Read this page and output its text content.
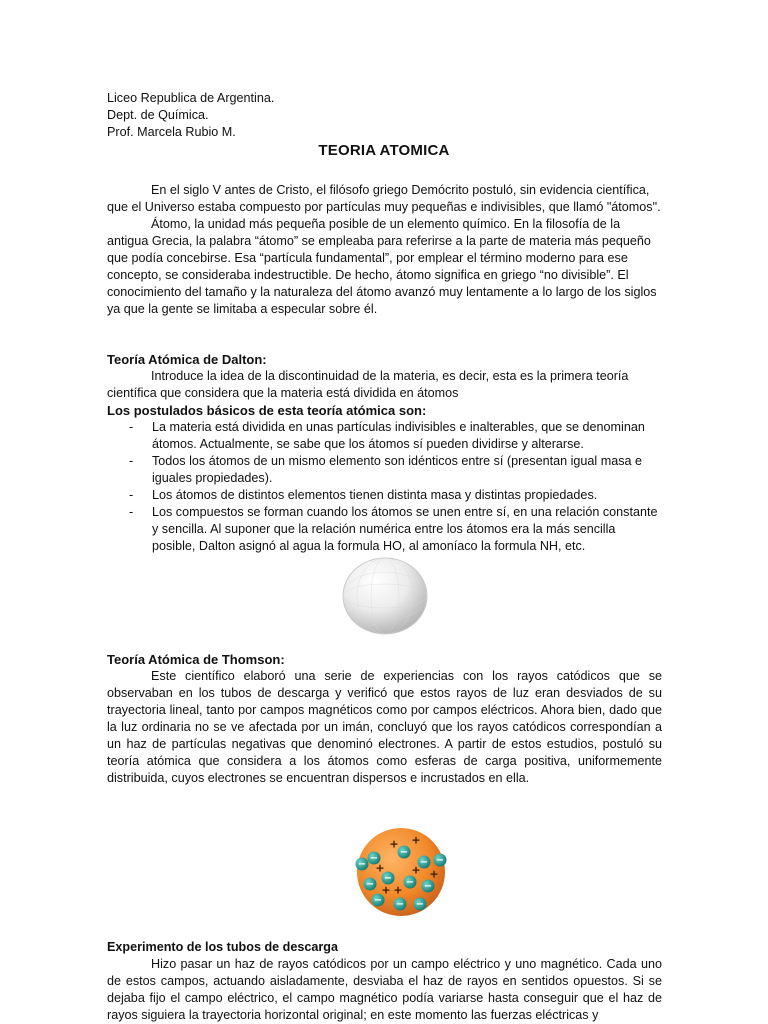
Liceo Republica de Argentina.
Dept. de Química.
Prof. Marcela Rubio M.
TEORIA ATOMICA
En el siglo V antes de Cristo, el filósofo griego Demócrito postuló, sin evidencia científica, que el Universo estaba compuesto por partículas muy pequeñas e indivisibles, que llamó "átomos".
Átomo, la unidad más pequeña posible de un elemento químico. En la filosofía de la antigua Grecia, la palabra “átomo” se empleaba para referirse a la parte de materia más pequeño que podía concebirse. Esa “partícula fundamental”, por emplear el término moderno para ese concepto, se consideraba indestructible. De hecho, átomo significa en griego “no divisible”. El conocimiento del tamaño y la naturaleza del átomo avanzó muy lentamente a lo largo de los siglos ya que la gente se limitaba a especular sobre él.
Teoría Atómica de Dalton:
Introduce la idea de la discontinuidad de la materia, es decir, esta es la primera teoría científica que considera que la materia está dividida en átomos
Los postulados básicos de esta teoría atómica son:
- La materia está dividida en unas partículas indivisibles e inalterables, que se denominan átomos. Actualmente, se sabe que los átomos sí pueden dividirse y alterarse.
- Todos los átomos de un mismo elemento son idénticos entre sí (presentan igual masa e iguales propiedades).
- Los átomos de distintos elementos tienen distinta masa y distintas propiedades.
- Los compuestos se forman cuando los átomos se unen entre sí, en una relación constante y sencilla. Al suponer que la relación numérica entre los átomos era la más sencilla posible, Dalton asignó al agua la formula HO, al amoníaco la formula NH, etc.
Teoría Atómica de Thomson:
Este científico elaboró una serie de experiencias con los rayos catódicos que se observaban en los tubos de descarga y verificó que estos rayos de luz eran desviados de su trayectoria lineal, tanto por campos magnéticos como por campos eléctricos. Ahora bien, dado que la luz ordinaria no se ve afectada por un imán, concluyó que los rayos catódicos correspondían a un haz de partículas negativas que denominó electrones. A partir de estos estudios, postuló su teoría atómica que considera a los átomos como esferas de carga positiva, uniformemente distribuida, cuyos electrones se encuentran dispersos e incrustados en ella.
−
−
−
− − −
−
− −
−
−
−
+ +
+ +
+
+
+
Experimento de los tubos de descarga
Hizo pasar un haz de rayos catódicos por un campo eléctrico y uno magnético. Cada uno de estos campos, actuando aisladamente, desviaba el haz de rayos en sentidos opuestos. Si se dejaba fijo el campo eléctrico, el campo magnético podía variarse hasta conseguir que el haz de rayos siguiera la trayectoria horizontal original; en este momento las fuerzas eléctricas y
